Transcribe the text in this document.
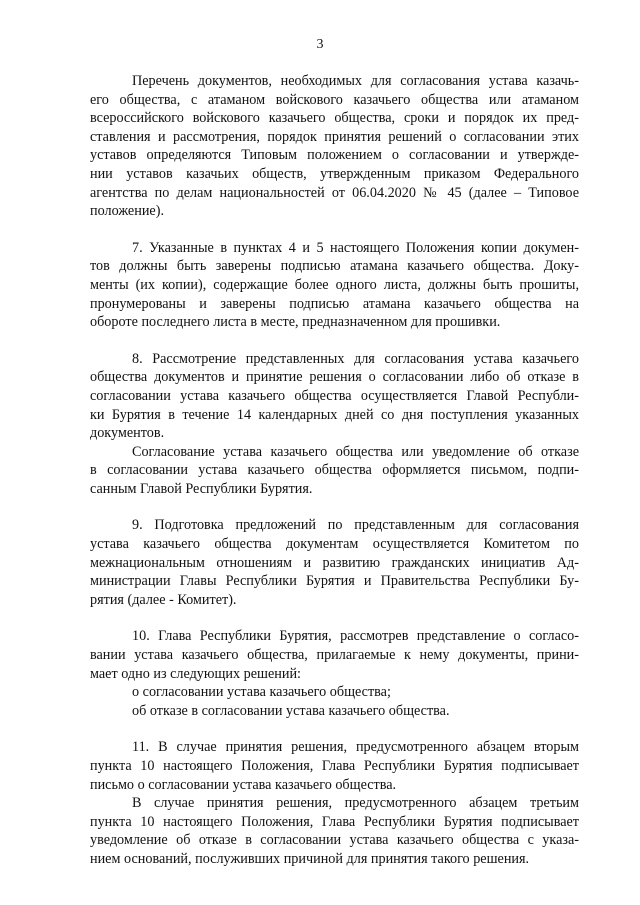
3
Перечень документов, необходимых для согласования устава казачь-
его общества, с атаманом войскового казачьего общества или атаманом
всероссийского войскового казачьего общества, сроки и порядок их пред-
ставления и рассмотрения, порядок принятия решений о согласовании этих
уставов определяются Типовым положением о согласовании и утвержде-
нии уставов казачьих обществ, утвержденным приказом Федерального
агентства по делам национальностей от 06.04.2020 № 45 (далее – Типовое
положение).
7. Указанные в пунктах 4 и 5 настоящего Положения копии докумен-
тов должны быть заверены подписью атамана казачьего общества. Доку-
менты (их копии), содержащие более одного листа, должны быть прошиты,
пронумерованы и заверены подписью атамана казачьего общества на
обороте последнего листа в месте, предназначенном для прошивки.
8. Рассмотрение представленных для согласования устава казачьего
общества документов и принятие решения о согласовании либо об отказе в
согласовании устава казачьего общества осуществляется Главой Республи-
ки Бурятия в течение 14 календарных дней со дня поступления указанных
документов.
Согласование устава казачьего общества или уведомление об отказе
в согласовании устава казачьего общества оформляется письмом, подпи-
санным Главой Республики Бурятия.
9. Подготовка предложений по представленным для согласования
устава казачьего общества документам осуществляется Комитетом по
межнациональным отношениям и развитию гражданских инициатив Ад-
министрации Главы Республики Бурятия и Правительства Республики Бу-
рятия (далее - Комитет).
10. Глава Республики Бурятия, рассмотрев представление о согласо-
вании устава казачьего общества, прилагаемые к нему документы, прини-
мает одно из следующих решений:
о согласовании устава казачьего общества;
об отказе в согласовании устава казачьего общества.
11. В случае принятия решения, предусмотренного абзацем вторым
пункта 10 настоящего Положения, Глава Республики Бурятия подписывает
письмо о согласовании устава казачьего общества.
В случае принятия решения, предусмотренного абзацем третьим
пункта 10 настоящего Положения, Глава Республики Бурятия подписывает
уведомление об отказе в согласовании устава казачьего общества с указа-
нием оснований, послуживших причиной для принятия такого решения.
